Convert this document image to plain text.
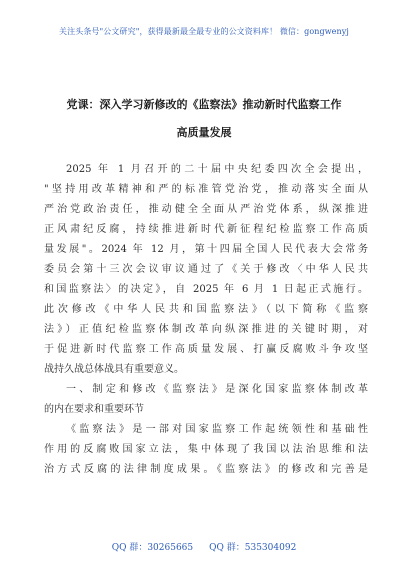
关注头条号"公文研究"，获得最新最全最专业的公文资料库！ 微信：gongwenyj
党课：深入学习新修改的《监察法》推动新时代监察工作
高质量发展
2025 年 1 月召开的二十届中央纪委四次全会提出，
"坚持用改革精神和严的标准管党治党，推动落实全面从
严治党政治责任，推动健全全面从严治党体系，纵深推进
正风肃纪反腐，持续推进新时代新征程纪检监察工作高质
量发展"。2024 年 12 月，第十四届全国人民代表大会常务
委员会第十三次会议审议通过了《关于修改〈中华人民共
和国监察法〉的决定》，自 2025 年 6 月 1 日起正式施行。
此次修改《中华人民共和国监察法》（以下简称《监察
法》）正值纪检监察体制改革向纵深推进的关键时期，对
于促进新时代监察工作高质量发展、打赢反腐败斗争攻坚
战持久战总体战具有重要意义。
一、制定和修改《监察法》是深化国家监察体制改革
的内在要求和重要环节
《监察法》是一部对国家监察工作起统领性和基础性
作用的反腐败国家立法，集中体现了我国以法治思维和法
治方式反腐的法律制度成果。《监察法》的修改和完善是
QQ 群：30265665 QQ 群：535304092
